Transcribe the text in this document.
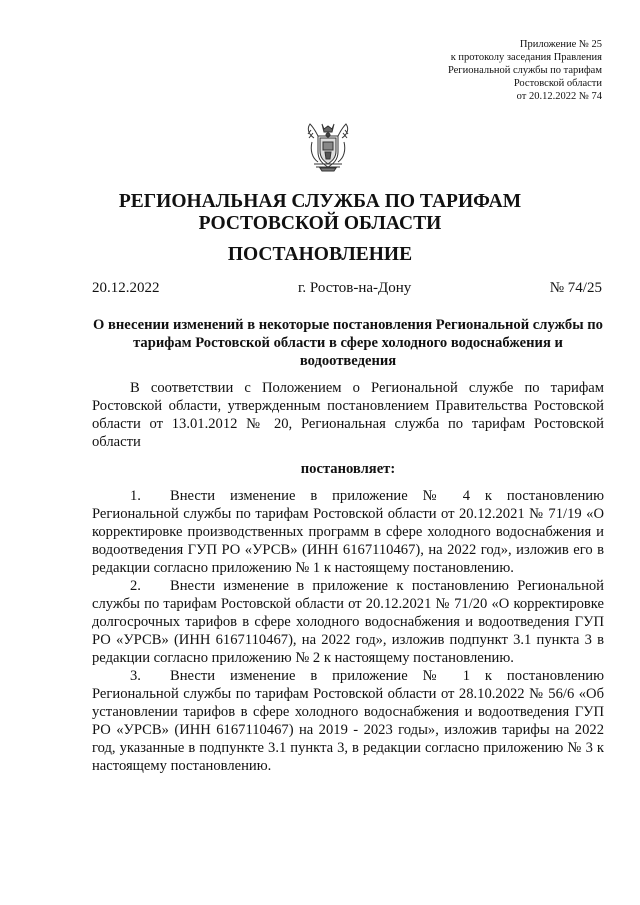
Приложение № 25
к протоколу заседания Правления
Региональной службы по тарифам
Ростовской области
от 20.12.2022 № 74
РЕГИОНАЛЬНАЯ СЛУЖБА ПО ТАРИФАМ
РОСТОВСКОЙ ОБЛАСТИ
ПОСТАНОВЛЕНИЕ
20.12.2022	г. Ростов-на-Дону	№ 74/25
О внесении изменений в некоторые постановления Региональной службы по тарифам Ростовской области в сфере холодного водоснабжения и водоотведения

В соответствии с Положением о Региональной службе по тарифам Ростовской области, утвержденным постановлением Правительства Ростовской области от 13.01.2012 № 20, Региональная служба по тарифам Ростовской области

постановляет:

1. Внести изменение в приложение № 4 к постановлению Региональной службы по тарифам Ростовской области от 20.12.2021 № 71/19 «О корректировке производственных программ в сфере холодного водоснабжения и водоотведения ГУП РО «УРСВ» (ИНН 6167110467), на 2022 год», изложив его в редакции согласно приложению № 1 к настоящему постановлению.

2. Внести изменение в приложение к постановлению Региональной службы по тарифам Ростовской области от 20.12.2021 № 71/20 «О корректировке долгосрочных тарифов в сфере холодного водоснабжения и водоотведения ГУП РО «УРСВ» (ИНН 6167110467), на 2022 год», изложив подпункт 3.1 пункта 3 в редакции согласно приложению № 2 к настоящему постановлению.

3. Внести изменение в приложение № 1 к постановлению Региональной службы по тарифам Ростовской области от 28.10.2022 № 56/6 «Об установлении тарифов в сфере холодного водоснабжения и водоотведения ГУП РО «УРСВ» (ИНН 6167110467) на 2019 - 2023 годы», изложив тарифы на 2022 год, указанные в подпункте 3.1 пункта 3, в редакции согласно приложению № 3 к настоящему постановлению.
